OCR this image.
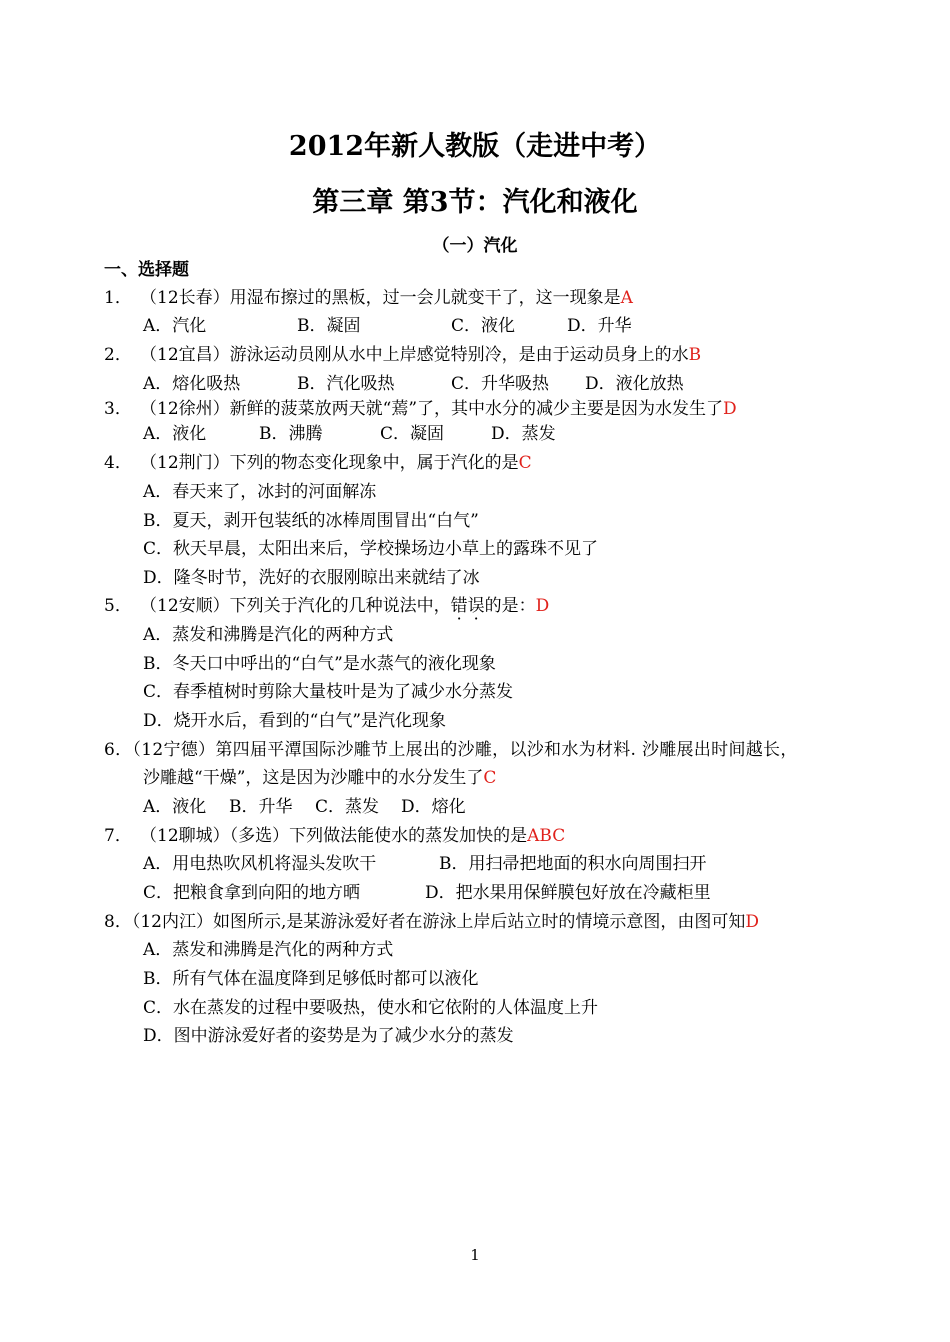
2012年新人教版（走进中考）
第三章 第3节：汽化和液化
（一）汽化
一、选择题
1． （12长春）用湿布擦过的黑板，过一会儿就变干了，这一现象是A
A．汽化	B．凝固	C．液化	D．升华
2． （12宜昌）游泳运动员刚从水中上岸感觉特别冷，是由于运动员身上的水B
A．熔化吸热	B．汽化吸热	C．升华吸热 D．液化放热
3． （12徐州）新鲜的菠菜放两天就“蔫”了，其中水分的减少主要是因为水发生了D
A．液化	B．沸腾	C．凝固	D．蒸发
4． （12荆门）下列的物态变化现象中，属于汽化的是C
A．春天来了，冰封的河面解冻
B．夏天，剥开包装纸的冰棒周围冒出“白气”
C．秋天早晨，太阳出来后，学校操场边小草上的露珠不见了
D．隆冬时节，洗好的衣服刚晾出来就结了冰
5． （12安顺）下列关于汽化的几种说法中，错误的是：D
A．蒸发和沸腾是汽化的两种方式
B．冬天口中呼出的“白气”是水蒸气的液化现象
C．春季植树时剪除大量枝叶是为了减少水分蒸发
D．烧开水后，看到的“白气”是汽化现象
6．（12宁德）第四届平潭国际沙雕节上展出的沙雕，以沙和水为材料. 沙雕展出时间越长，
沙雕越“干燥”，这是因为沙雕中的水分发生了C
A．液化 B．升华 C．蒸发 D．熔化
7． （12聊城）（多选）下列做法能使水的蒸发加快的是ABC
A．用电热吹风机将湿头发吹干	B．用扫帚把地面的积水向周围扫开
C．把粮食拿到向阳的地方晒	D．把水果用保鲜膜包好放在冷藏柜里
8．（12内江）如图所示,是某游泳爱好者在游泳上岸后站立时的情境示意图，由图可知D
A．蒸发和沸腾是汽化的两种方式
B．所有气体在温度降到足够低时都可以液化
C．水在蒸发的过程中要吸热，使水和它依附的人体温度上升
D．图中游泳爱好者的姿势是为了减少水分的蒸发
1
